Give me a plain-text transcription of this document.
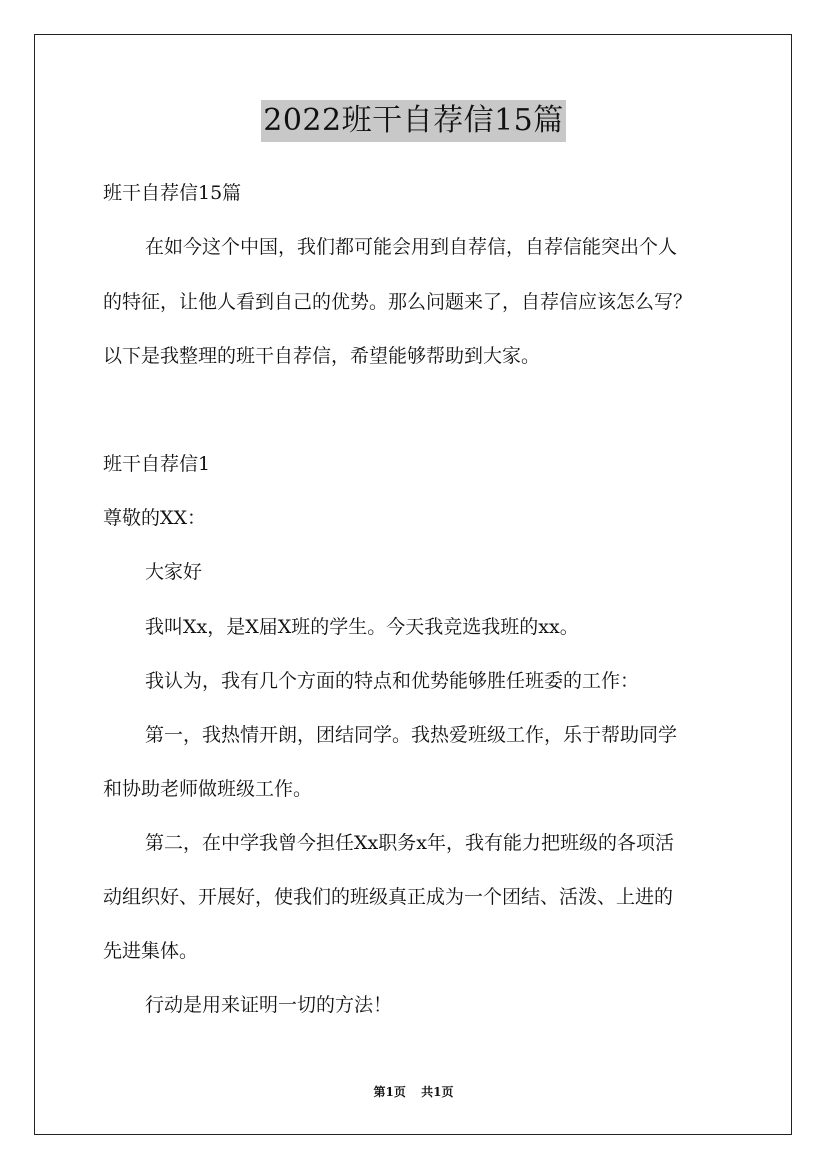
2022班干自荐信15篇
班干自荐信15篇
在如今这个中国，我们都可能会用到自荐信，自荐信能突出个人
的特征，让他人看到自己的优势。那么问题来了，自荐信应该怎么写？
以下是我整理的班干自荐信，希望能够帮助到大家。
班干自荐信1
尊敬的XX：
大家好
我叫Xx，是X届X班的学生。今天我竞选我班的xx。
我认为，我有几个方面的特点和优势能够胜任班委的工作：
第一，我热情开朗，团结同学。我热爱班级工作，乐于帮助同学
和协助老师做班级工作。
第二，在中学我曾今担任Xx职务x年，我有能力把班级的各项活
动组织好、开展好，使我们的班级真正成为一个团结、活泼、上进的
先进集体。
行动是用来证明一切的方法！
第1页 共1页
